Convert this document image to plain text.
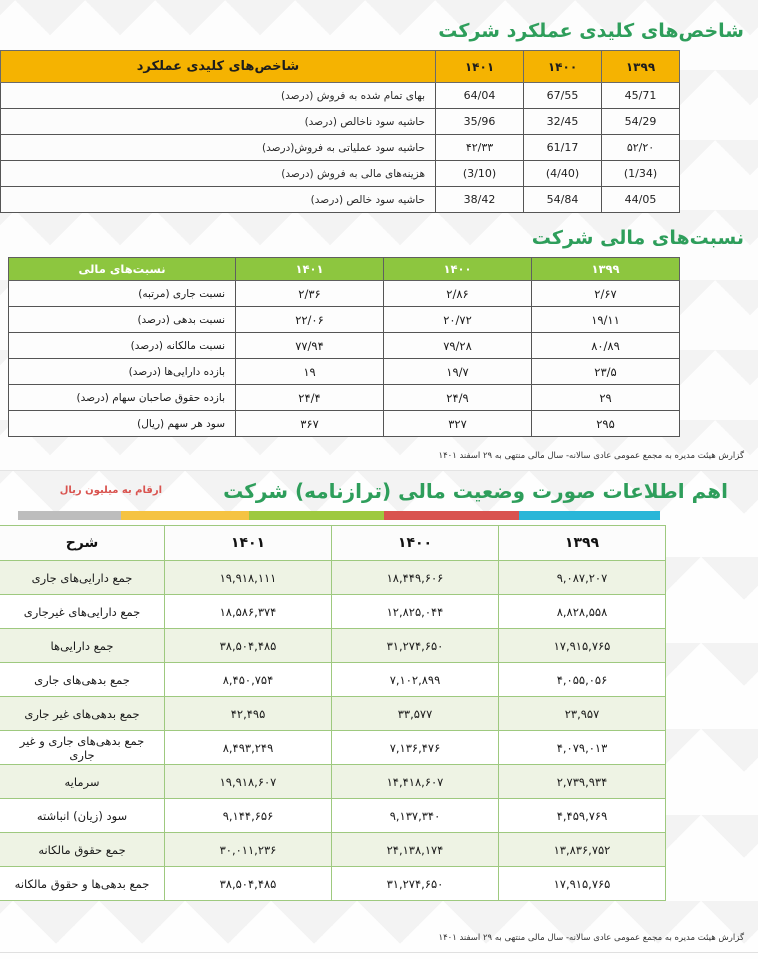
شاخص‌های کلیدی عملکرد شرکت
۱۳۹۹	۱۴۰۰	۱۴۰۱	شاخص‌های کلیدی عملکرد
45/71	67/55	64/04	بهای تمام شده به فروش (درصد)
54/29	32/45	35/96	حاشیه سود ناخالص (درصد)
۵۲/۲۰	61/17	۴۲/۳۳	حاشیه سود عملیاتی به فروش(درصد)
(1/34)	(4/40)	(3/10)	هزینه‌های مالی به فروش (درصد)
44/05	54/84	38/42	حاشیه سود خالص (درصد)
نسبت‌های مالی شرکت
۱۳۹۹	۱۴۰۰	۱۴۰۱	نسبت‌های مالی
۲/۶۷	۲/۸۶	۲/۳۶	نسبت جاری (مرتبه)
۱۹/۱۱	۲۰/۷۲	۲۲/۰۶	نسبت بدهی (درصد)
۸۰/۸۹	۷۹/۲۸	۷۷/۹۴	نسبت مالکانه (درصد)
۲۳/۵	۱۹/۷	۱۹	بازده دارایی‌ها (درصد)
۲۹	۲۴/۹	۲۴/۴	بازده حقوق صاحبان سهام (درصد)
۲۹۵	۳۲۷	۳۶۷	سود هر سهم (ریال)
گزارش هیئت مدیره به مجمع عمومی عادی سالانه- سال مالی منتهی به ۲۹ اسفند ۱۴۰۱
اهم اطلاعات صورت وضعیت مالی (ترازنامه) شرکت
ارقام به میلیون ریال
۱۳۹۹	۱۴۰۰	۱۴۰۱	شرح
۹,۰۸۷,۲۰۷	۱۸,۴۴۹,۶۰۶	۱۹,۹۱۸,۱۱۱	جمع دارایی‌های جاری
۸,۸۲۸,۵۵۸	۱۲,۸۲۵,۰۴۴	۱۸,۵۸۶,۳۷۴	جمع دارایی‌های غیرجاری
۱۷,۹۱۵,۷۶۵	۳۱,۲۷۴,۶۵۰	۳۸,۵۰۴,۴۸۵	جمع دارایی‌ها
۴,۰۵۵,۰۵۶	۷,۱۰۲,۸۹۹	۸,۴۵۰,۷۵۴	جمع بدهی‌های جاری
۲۳,۹۵۷	۳۳,۵۷۷	۴۲,۴۹۵	جمع بدهی‌های غیر جاری
۴,۰۷۹,۰۱۳	۷,۱۳۶,۴۷۶	۸,۴۹۳,۲۴۹	جمع بدهی‌های جاری و غیر جاری
۲,۷۳۹,۹۳۴	۱۴,۴۱۸,۶۰۷	۱۹,۹۱۸,۶۰۷	سرمایه
۴,۴۵۹,۷۶۹	۹,۱۳۷,۳۴۰	۹,۱۴۴,۶۵۶	سود (زیان) انباشته
۱۳,۸۳۶,۷۵۲	۲۴,۱۳۸,۱۷۴	۳۰,۰۱۱,۲۳۶	جمع حقوق مالکانه
۱۷,۹۱۵,۷۶۵	۳۱,۲۷۴,۶۵۰	۳۸,۵۰۴,۴۸۵	جمع بدهی‌ها و حقوق مالکانه
گزارش هیئت مدیره به مجمع عمومی عادی سالانه- سال مالی منتهی به ۲۹ اسفند ۱۴۰۱
